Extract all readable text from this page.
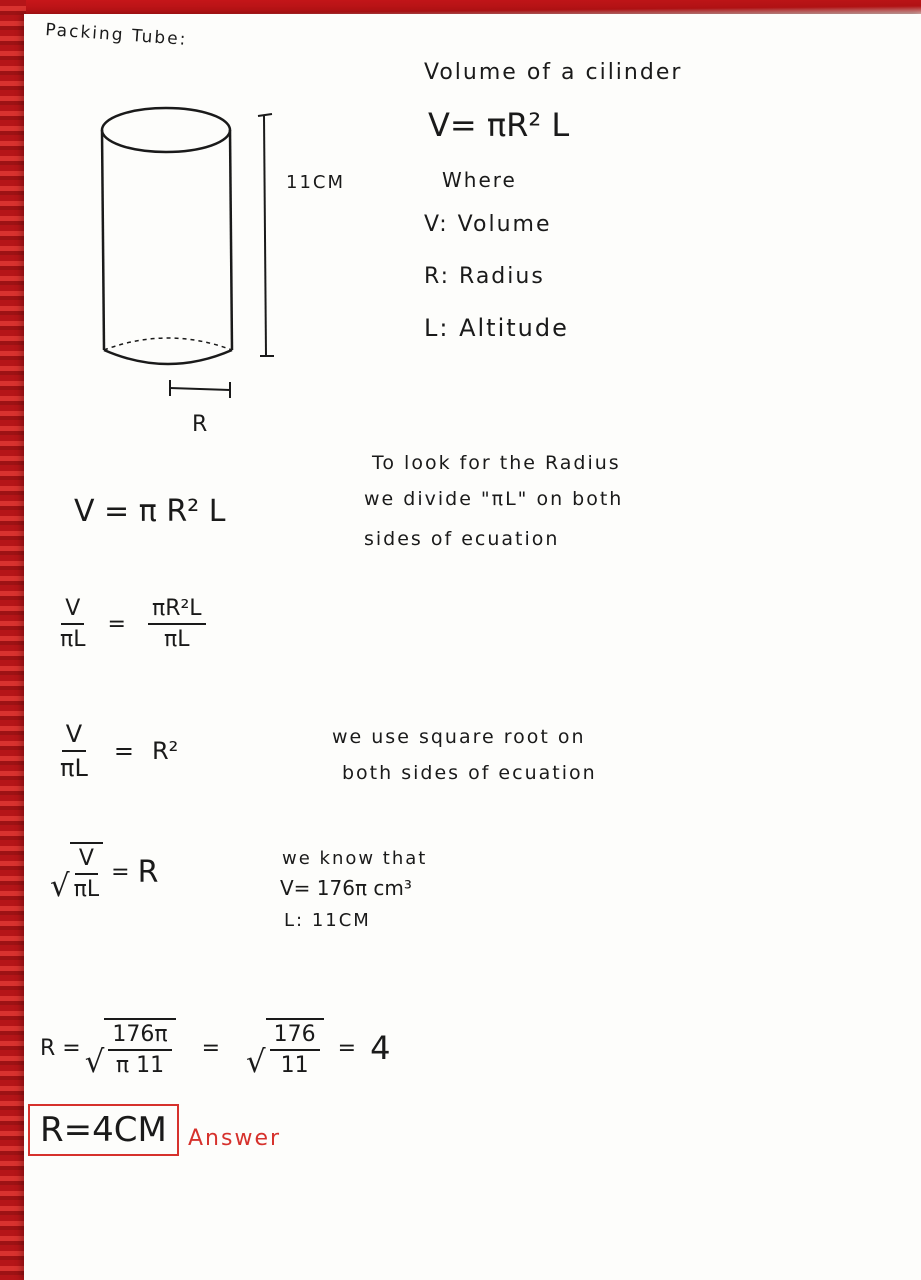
Packing Tube:
11CM
R
Volume of a cilinder
V= πR² L
Where
V: Volume
R: Radius
L: Altitude
To look for the Radius
we divide "πL" on both
sides of ecuation
V = π R² L
$\frac{V}{\pi L} = \frac{\text{πR²L}}{\pi L}$
$\frac{V}{\pi L} = R^2$	we use square root on
both sides of ecuation
√ $\frac{V}{\pi L} = R$	we know that
V= 176π cm³
L: 11CM
R = √ $\frac{176\pi}{\pi 11}$ = √ $\frac{176}{11} = 4$
R=4CM Answer
